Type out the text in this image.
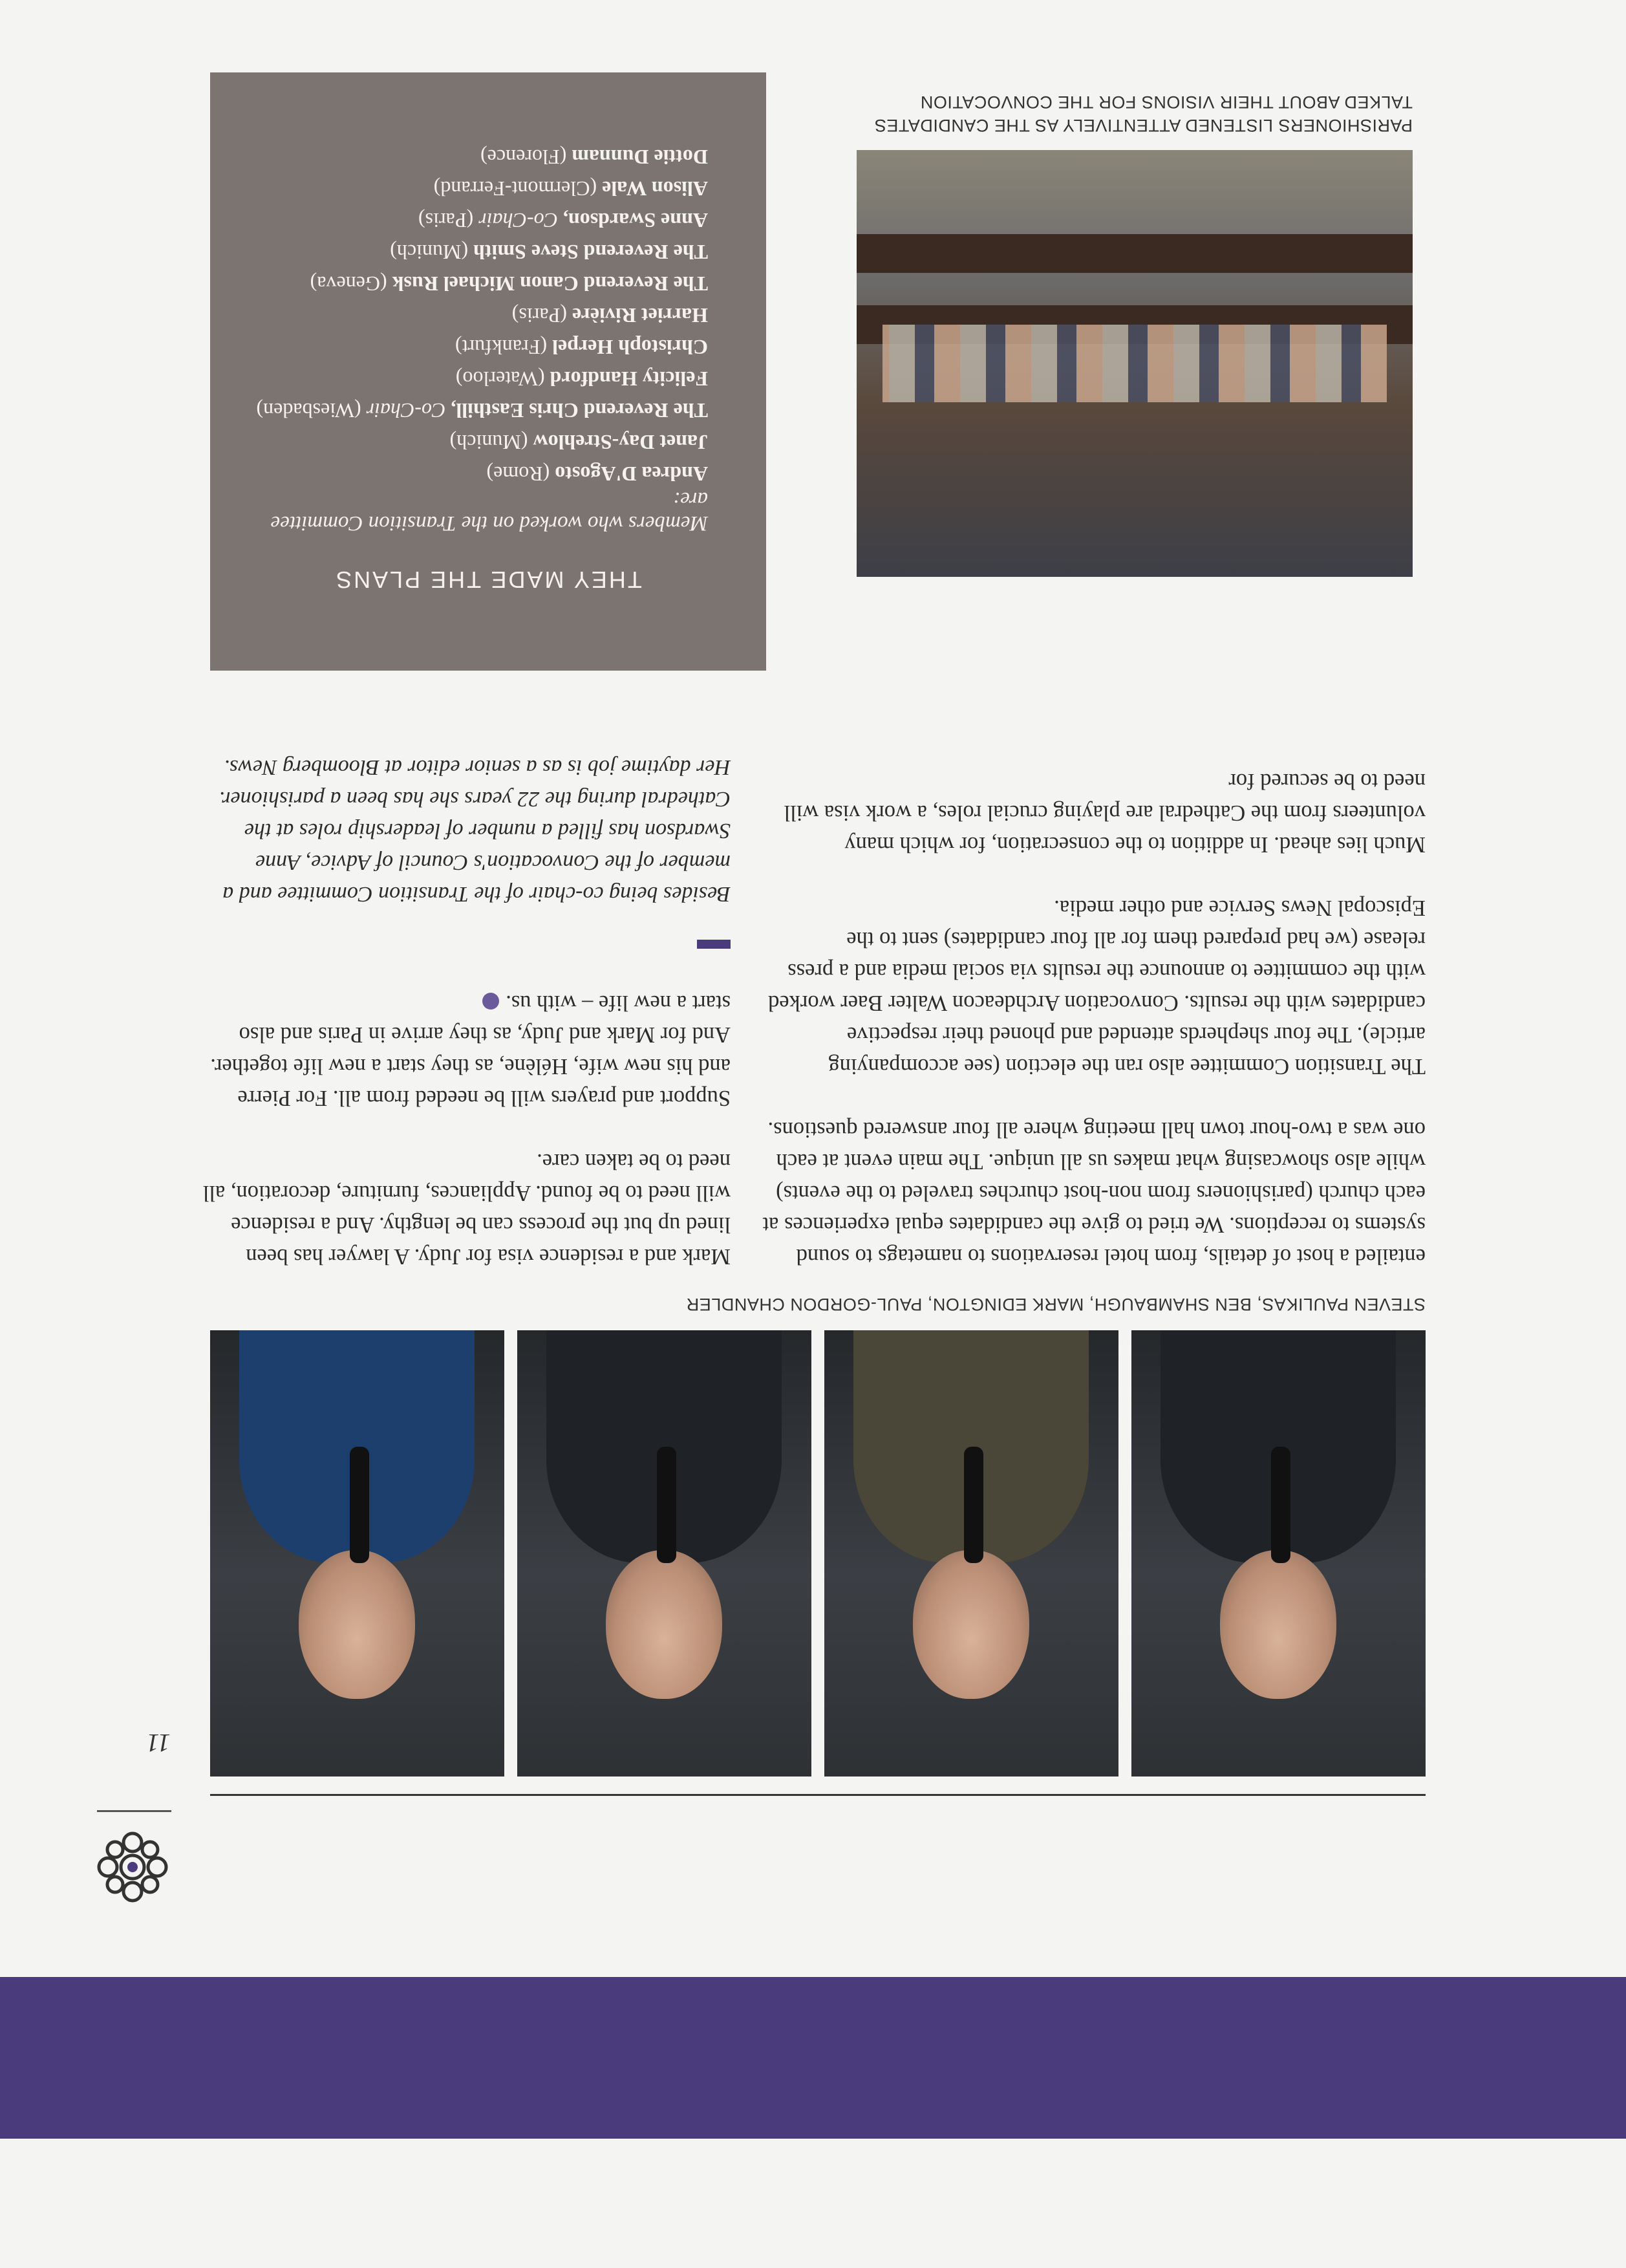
11
STEVEN PAULIKAS, BEN SHAMBAUGH, MARK EDINGTON, PAUL-GORDON CHANDLER

entailed a host of details, from hotel reservations to nametags to sound systems to receptions. We tried to give the candidates equal experiences at each church (parishioners from non-host churches traveled to the events) while also showcasing what makes us all unique. The main event at each one was a two-hour town hall meeting where all four answered questions.

The Transition Committee also ran the election (see accompanying article). The four shepherds attended and phoned their respective candidates with the results. Convocation Archdeacon Walter Baer worked with the committee to announce the results via social media and a press release (we had prepared them for all four candidates) sent to the Episcopal News Service and other media.

Much lies ahead. In addition to the consecration, for which many volunteers from the Cathedral are playing crucial roles, a work visa will need to be secured for

Mark and a residence visa for Judy. A lawyer has been lined up but the process can be lengthy. And a residence will need to be found. Appliances, furniture, decoration, all need to be taken care.

Support and prayers will be needed from all. For Pierre and his new wife, Hélène, as they start a new life together. And for Mark and Judy, as they arrive in Paris and also start a new life – with us.

Besides being co-chair of the Transition Committee and a member of the Convocation's Council of Advice, Anne Swardson has filled a number of leadership roles at the Cathedral during the 22 years she has been a parishioner. Her daytime job is as a senior editor at Bloomberg News.
PARISHIONERS LISTENED ATTENTIVELY AS THE CANDIDATES TALKED ABOUT THEIR VISIONS FOR THE CONVOCATION
THEY MADE THE PLANS
Members who worked on the Transition Committee are:
Andrea D'Agosto (Rome)
Janet Day-Strehlow (Munich)
The Reverend Chris Easthill, Co-Chair (Wiesbaden)
Felicity Handford (Waterloo)
Christoph Herpel (Frankfurt)
Harriet Rivière (Paris)
The Reverend Canon Michael Rusk (Geneva)
The Reverend Steve Smith (Munich)
Anne Swardson, Co-Chair (Paris)
Alison Wale (Clermont-Ferrand)
Dottie Dunnam (Florence)
